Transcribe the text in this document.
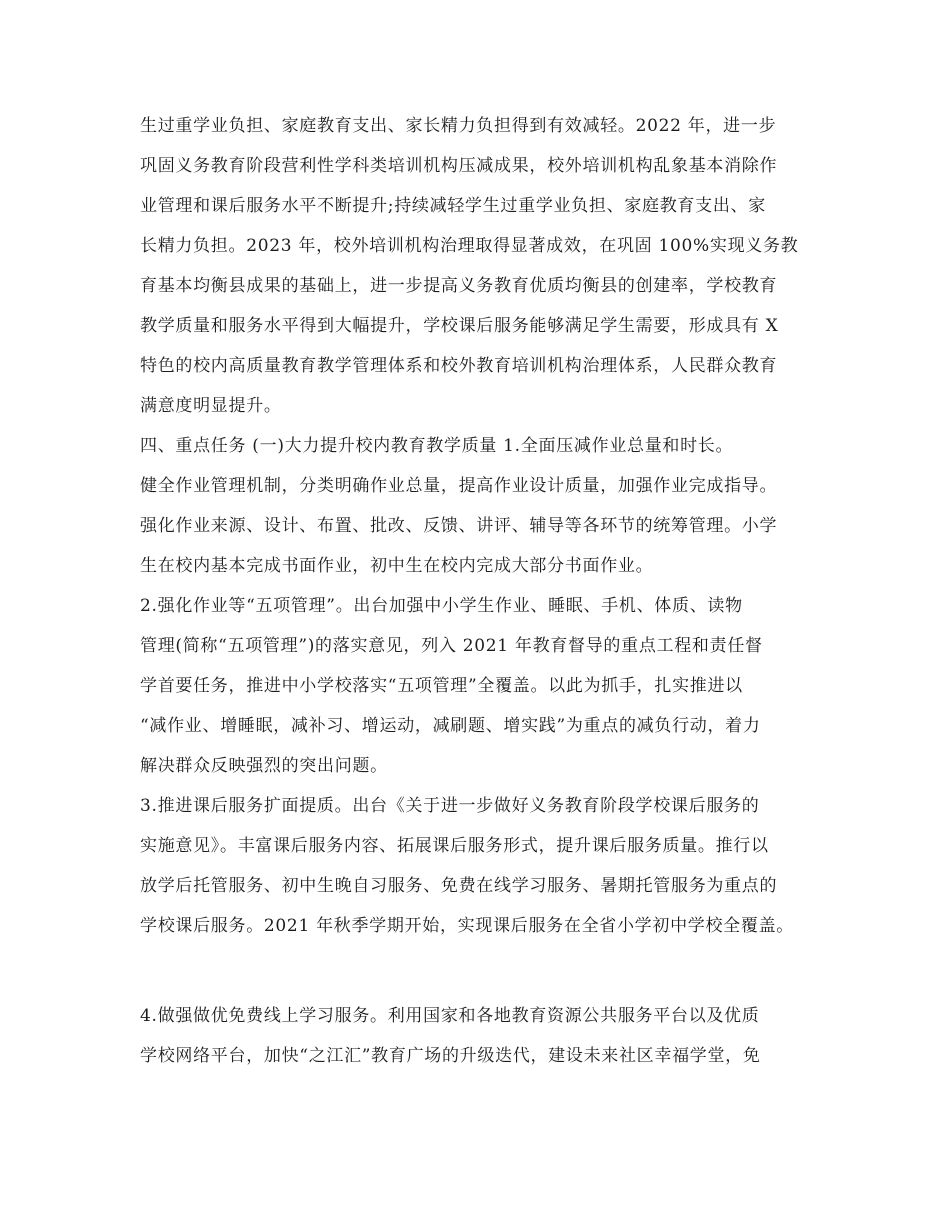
生过重学业负担、家庭教育支出、家长精力负担得到有效减轻。2022 年，进一步

巩固义务教育阶段营利性学科类培训机构压减成果，校外培训机构乱象基本消除作

业管理和课后服务水平不断提升;持续减轻学生过重学业负担、家庭教育支出、家

长精力负担。2023 年，校外培训机构治理取得显著成效，在巩固 100%实现义务教

育基本均衡县成果的基础上，进一步提高义务教育优质均衡县的创建率，学校教育

教学质量和服务水平得到大幅提升，学校课后服务能够满足学生需要，形成具有 X

特色的校内高质量教育教学管理体系和校外教育培训机构治理体系，人民群众教育

满意度明显提升。

四、重点任务 (一)大力提升校内教育教学质量 1.全面压减作业总量和时长。

健全作业管理机制，分类明确作业总量，提高作业设计质量，加强作业完成指导。

强化作业来源、设计、布置、批改、反馈、讲评、辅导等各环节的统筹管理。小学

生在校内基本完成书面作业，初中生在校内完成大部分书面作业。

2.强化作业等“五项管理”。出台加强中小学生作业、睡眠、手机、体质、读物

管理(简称“五项管理”)的落实意见，列入 2021 年教育督导的重点工程和责任督

学首要任务，推进中小学校落实“五项管理”全覆盖。以此为抓手，扎实推进以

“减作业、增睡眠，减补习、增运动，减刷题、增实践”为重点的减负行动，着力

解决群众反映强烈的突出问题。

3.推进课后服务扩面提质。出台《关于进一步做好义务教育阶段学校课后服务的

实施意见》。丰富课后服务内容、拓展课后服务形式，提升课后服务质量。推行以

放学后托管服务、初中生晚自习服务、免费在线学习服务、暑期托管服务为重点的

学校课后服务。2021 年秋季学期开始，实现课后服务在全省小学初中学校全覆盖。

4.做强做优免费线上学习服务。利用国家和各地教育资源公共服务平台以及优质

学校网络平台，加快“之江汇”教育广场的升级迭代，建设未来社区幸福学堂，免
